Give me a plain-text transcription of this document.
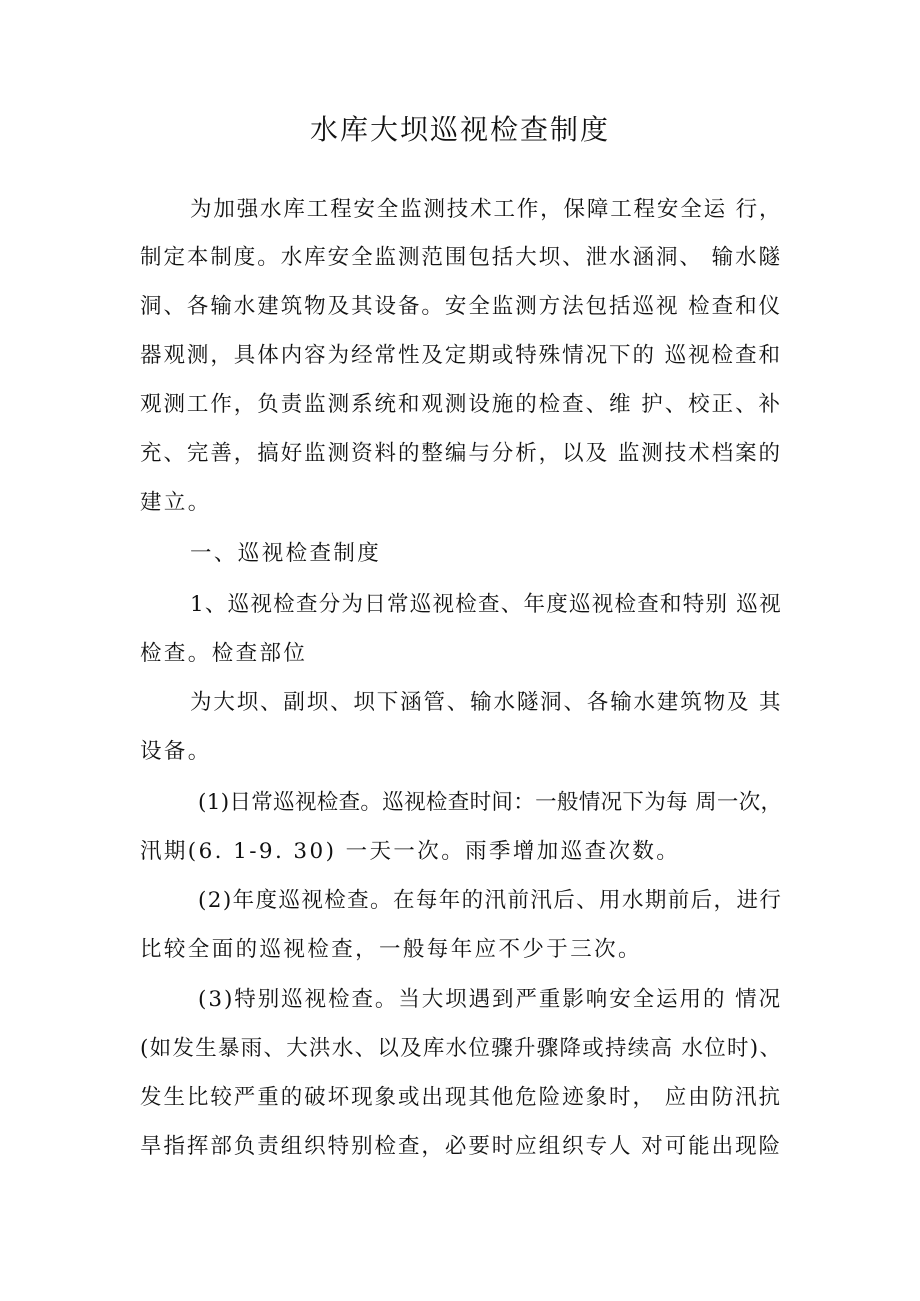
水库大坝巡视检查制度
为加强水库工程安全监测技术工作，保障工程安全运 行，
制定本制度。水库安全监测范围包括大坝、泄水涵洞、 输水隧
洞、各输水建筑物及其设备。安全监测方法包括巡视 检查和仪
器观测，具体内容为经常性及定期或特殊情况下的 巡视检查和
观测工作，负责监测系统和观测设施的检查、维 护、校正、补
充、完善，搞好监测资料的整编与分析，以及 监测技术档案的
建立。
一、巡视检查制度
1、巡视检查分为日常巡视检查、年度巡视检查和特别 巡视
检查。检查部位
为大坝、副坝、坝下涵管、输水隧洞、各输水建筑物及 其
设备。
(1)日常巡视检查。巡视检查时间：一般情况下为每 周一次，
汛期(6. 1-9. 30) 一天一次。雨季增加巡查次数。
(2)年度巡视检查。在每年的汛前汛后、用水期前后，进行
比较全面的巡视检查，一般每年应不少于三次。
(3)特别巡视检查。当大坝遇到严重影响安全运用的 情况
(如发生暴雨、大洪水、以及库水位骤升骤降或持续高 水位时)、
发生比较严重的破坏现象或出现其他危险迹象时， 应由防汛抗
旱指挥部负责组织特别检查，必要时应组织专人 对可能出现险
